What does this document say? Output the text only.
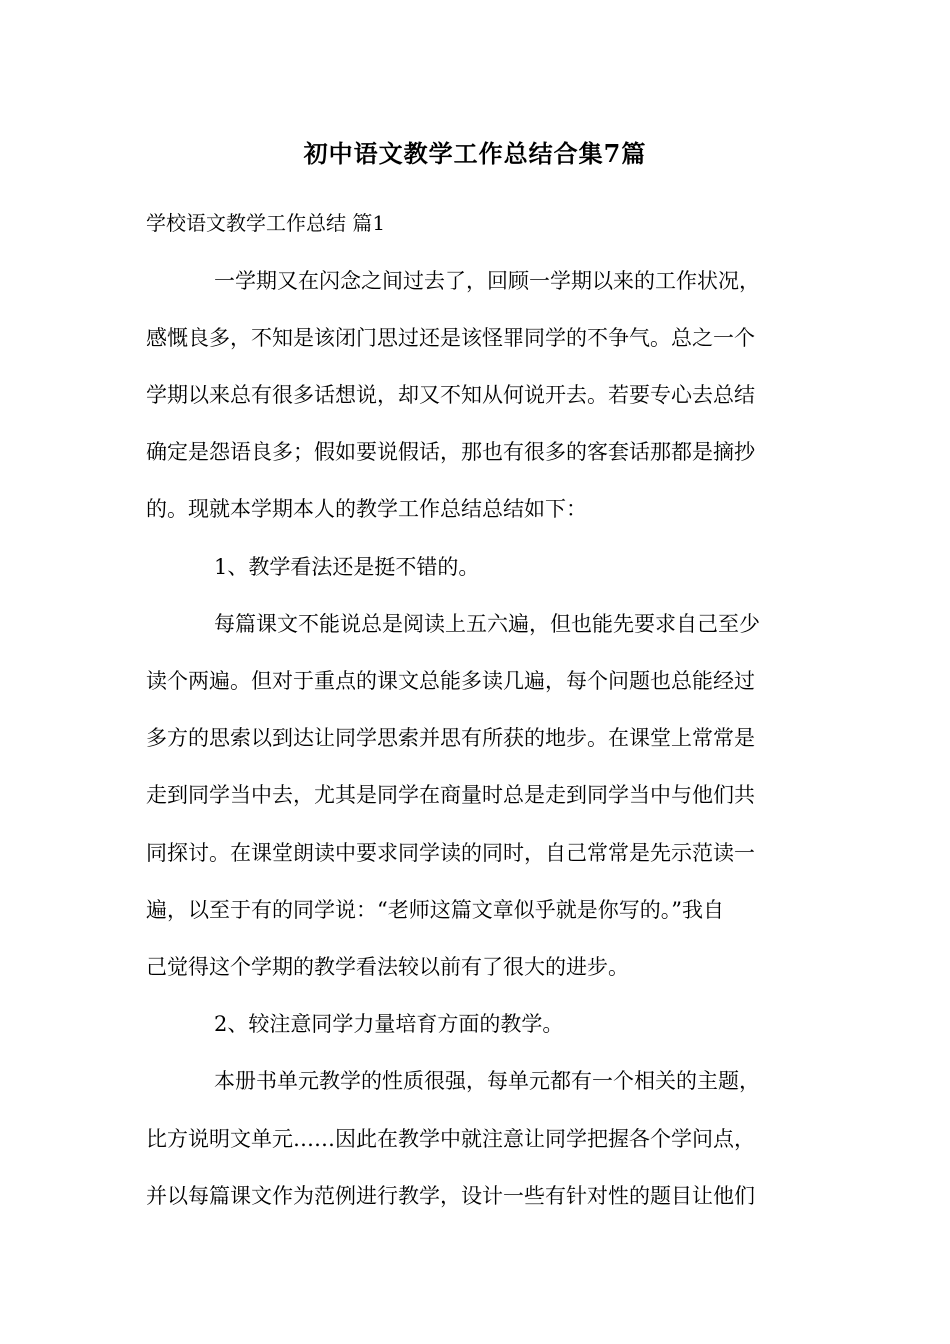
初中语文教学工作总结合集7篇
学校语文教学工作总结 篇1
一学期又在闪念之间过去了，回顾一学期以来的工作状况，
感慨良多，不知是该闭门思过还是该怪罪同学的不争气。总之一个
学期以来总有很多话想说，却又不知从何说开去。若要专心去总结
确定是怨语良多；假如要说假话，那也有很多的客套话那都是摘抄
的。现就本学期本人的教学工作总结总结如下：
1、教学看法还是挺不错的。
每篇课文不能说总是阅读上五六遍，但也能先要求自己至少
读个两遍。但对于重点的课文总能多读几遍，每个问题也总能经过
多方的思索以到达让同学思索并思有所获的地步。在课堂上常常是
走到同学当中去，尤其是同学在商量时总是走到同学当中与他们共
同探讨。在课堂朗读中要求同学读的同时，自己常常是先示范读一
遍，以至于有的同学说：“老师这篇文章似乎就是你写的。”我自
己觉得这个学期的教学看法较以前有了很大的进步。
2、较注意同学力量培育方面的教学。
本册书单元教学的性质很强，每单元都有一个相关的主题，
比方说明文单元……因此在教学中就注意让同学把握各个学问点，
并以每篇课文作为范例进行教学，设计一些有针对性的题目让他们
